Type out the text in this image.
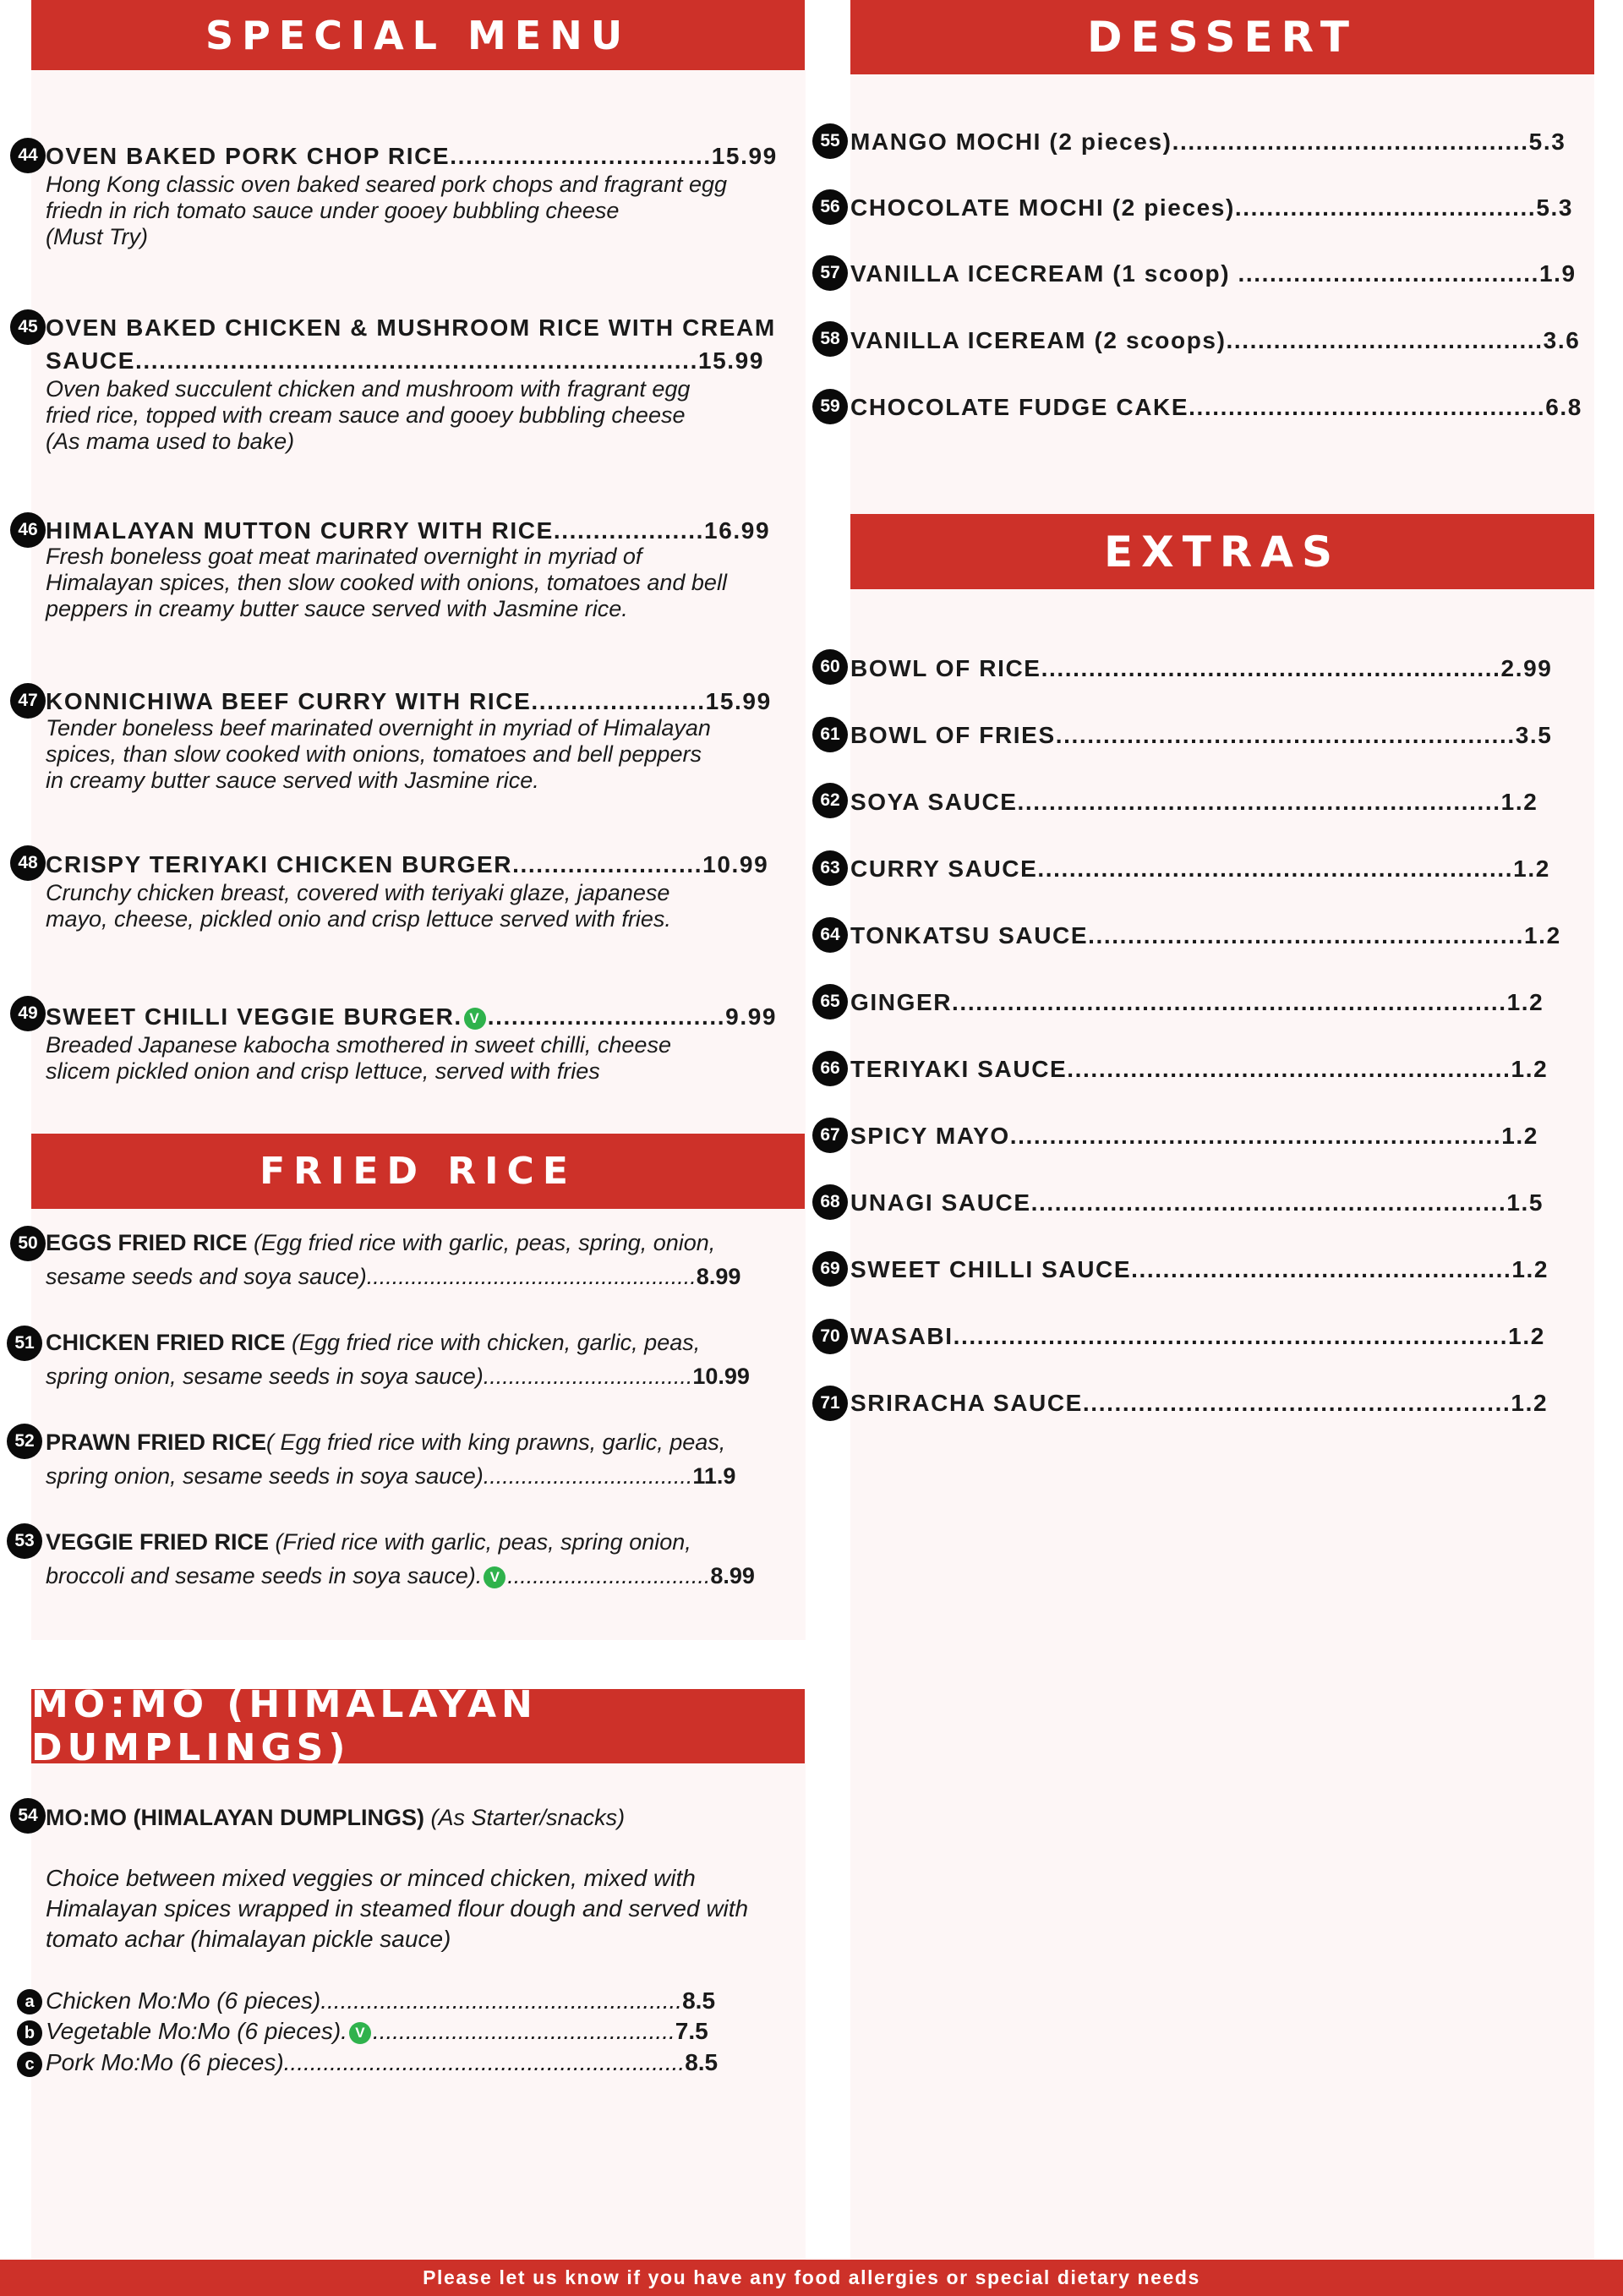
SPECIAL MENU	DESSERT
EXTRAS
FRIED RICE
MO:MO (HIMALAYAN DUMPLINGS)
44 OVEN BAKED PORK CHOP RICE.................................15.99
Hong Kong classic oven baked seared pork chops and fragrant egg
friedn in rich tomato sauce under gooey bubbling cheese
(Must Try)
45 OVEN BAKED CHICKEN & MUSHROOM RICE WITH CREAM
SAUCE.......................................................................15.99
Oven baked succulent chicken and mushroom with fragrant egg
fried rice, topped with cream sauce and gooey bubbling cheese
(As mama used to bake)
46 HIMALAYAN MUTTON CURRY WITH RICE...................16.99
Fresh boneless goat meat marinated overnight in myriad of
Himalayan spices, then slow cooked with onions, tomatoes and bell
peppers in creamy butter sauce served with Jasmine rice.
47 KONNICHIWA BEEF CURRY WITH RICE......................15.99
Tender boneless beef marinated overnight in myriad of Himalayan
spices, than slow cooked with onions, tomatoes and bell peppers
in creamy butter sauce served with Jasmine rice.
48 CRISPY TERIYAKI CHICKEN BURGER........................10.99
Crunchy chicken breast, covered with teriyaki glaze, japanese
mayo, cheese, pickled onio and crisp lettuce served with fries.
49 SWEET CHILLI VEGGIE BURGER. V ..............................9.99
Breaded Japanese kabocha smothered in sweet chilli, cheese
slicem pickled onion and crisp lettuce, served with fries
50 EGGS FRIED RICE (Egg fried rice with garlic, peas, spring, onion,
sesame seeds and soya sauce)....................................................8.99
51 CHICKEN FRIED RICE (Egg fried rice with chicken, garlic, peas,
spring onion, sesame seeds in soya sauce).................................10.99
52 PRAWN FRIED RICE( Egg fried rice with king prawns, garlic, peas,
spring onion, sesame seeds in soya sauce).................................11.9
53 VEGGIE FRIED RICE (Fried rice with garlic, peas, spring onion,
broccoli and sesame seeds in soya sauce). V ................................8.99
54 MO:MO (HIMALAYAN DUMPLINGS) (As Starter/snacks)
Choice between mixed veggies or minced chicken, mixed with
Himalayan spices wrapped in steamed flour dough and served with
tomato achar (himalayan pickle sauce)
a Chicken Mo:Mo (6 pieces).......................................................8.5
b Vegetable Mo:Mo (6 pieces). V ..............................................7.5
c Pork Mo:Mo (6 pieces).............................................................8.5
55 MANGO MOCHI (2 pieces).............................................5.3
56 CHOCOLATE MOCHI (2 pieces)......................................5.3
57 VANILLA ICECREAM (1 scoop) ......................................1.9
58 VANILLA ICEREAM (2 scoops)........................................3.6
59 CHOCOLATE FUDGE CAKE.............................................6.8
60 BOWL OF RICE..........................................................2.99
61 BOWL OF FRIES..........................................................3.5
62 SOYA SAUCE.............................................................1.2
63 CURRY SAUCE............................................................1.2
64 TONKATSU SAUCE.......................................................1.2
65 GINGER......................................................................1.2
66 TERIYAKI SAUCE........................................................1.2
67 SPICY MAYO..............................................................1.2
68 UNAGI SAUCE............................................................1.5
69 SWEET CHILLI SAUCE................................................1.2
70 WASABI......................................................................1.2
71 SRIRACHA SAUCE......................................................1.2
Please let us know if you have any food allergies or special dietary needs
